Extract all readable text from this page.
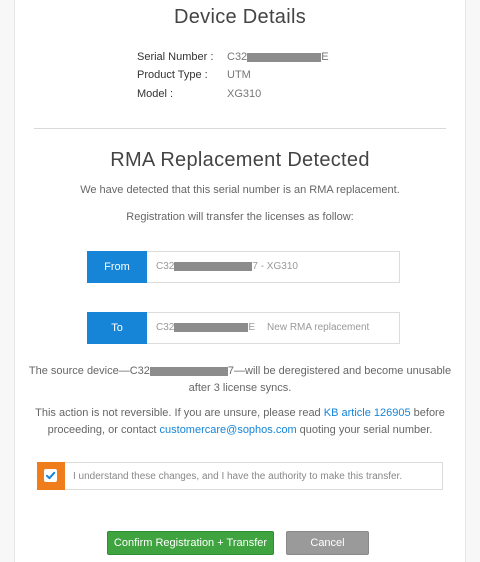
Device Details
Serial Number :	C32	E
Product Type :	UTM
Model :	XG310
RMA Replacement Detected
We have detected that this serial number is an RMA replacement.
Registration will transfer the licenses as follow:
From	C32	7 - XG310
To	C32	E New RMA replacement
The source device—C32	7—will be deregistered and become unusable
after 3 license syncs.
This action is not reversible. If you are unsure, please read KB article 126905 before
proceeding, or contact customercare@sophos.com quoting your serial number.
I understand these changes, and I have the authority to make this transfer.
Confirm Registration + Transfer	Cancel
